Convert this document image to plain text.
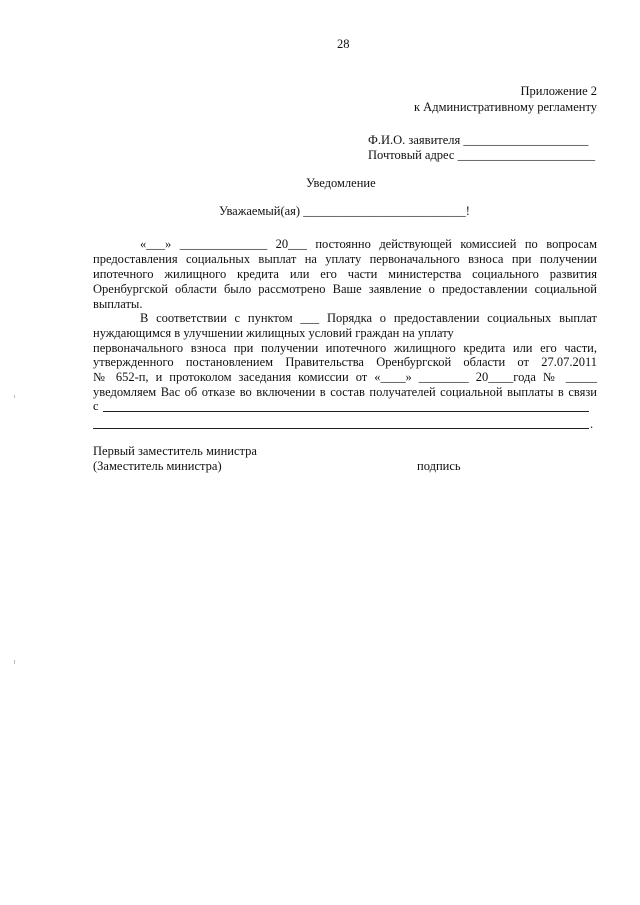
28
Приложение 2
к Административному регламенту
Ф.И.О. заявителя ____________________
Почтовый адрес ______________________
Уведомление
Уважаемый(ая) __________________________!
«___» ______________ 20___ постоянно действующей комиссией по вопросам
предоставления социальных выплат на уплату первоначального взноса при получении
ипотечного жилищного кредита или его части министерства социального развития
Оренбургской области было рассмотрено Ваше заявление о предоставлении социальной
выплаты.
В соответствии с пунктом ___ Порядка о предоставлении социальных выплат
нуждающимся в улучшении жилищных условий граждан на уплату
первоначального взноса при получении ипотечного жилищного кредита или его части,
утвержденного постановлением Правительства Оренбургской области от 27.07.2011
№ 652-п, и протоколом заседания комиссии от «____» ________ 20____года № _____
уведомляем Вас об отказе во включении в состав получателей социальной выплаты в связи
с
.
Первый заместитель министра
(Заместитель министра)	подпись
